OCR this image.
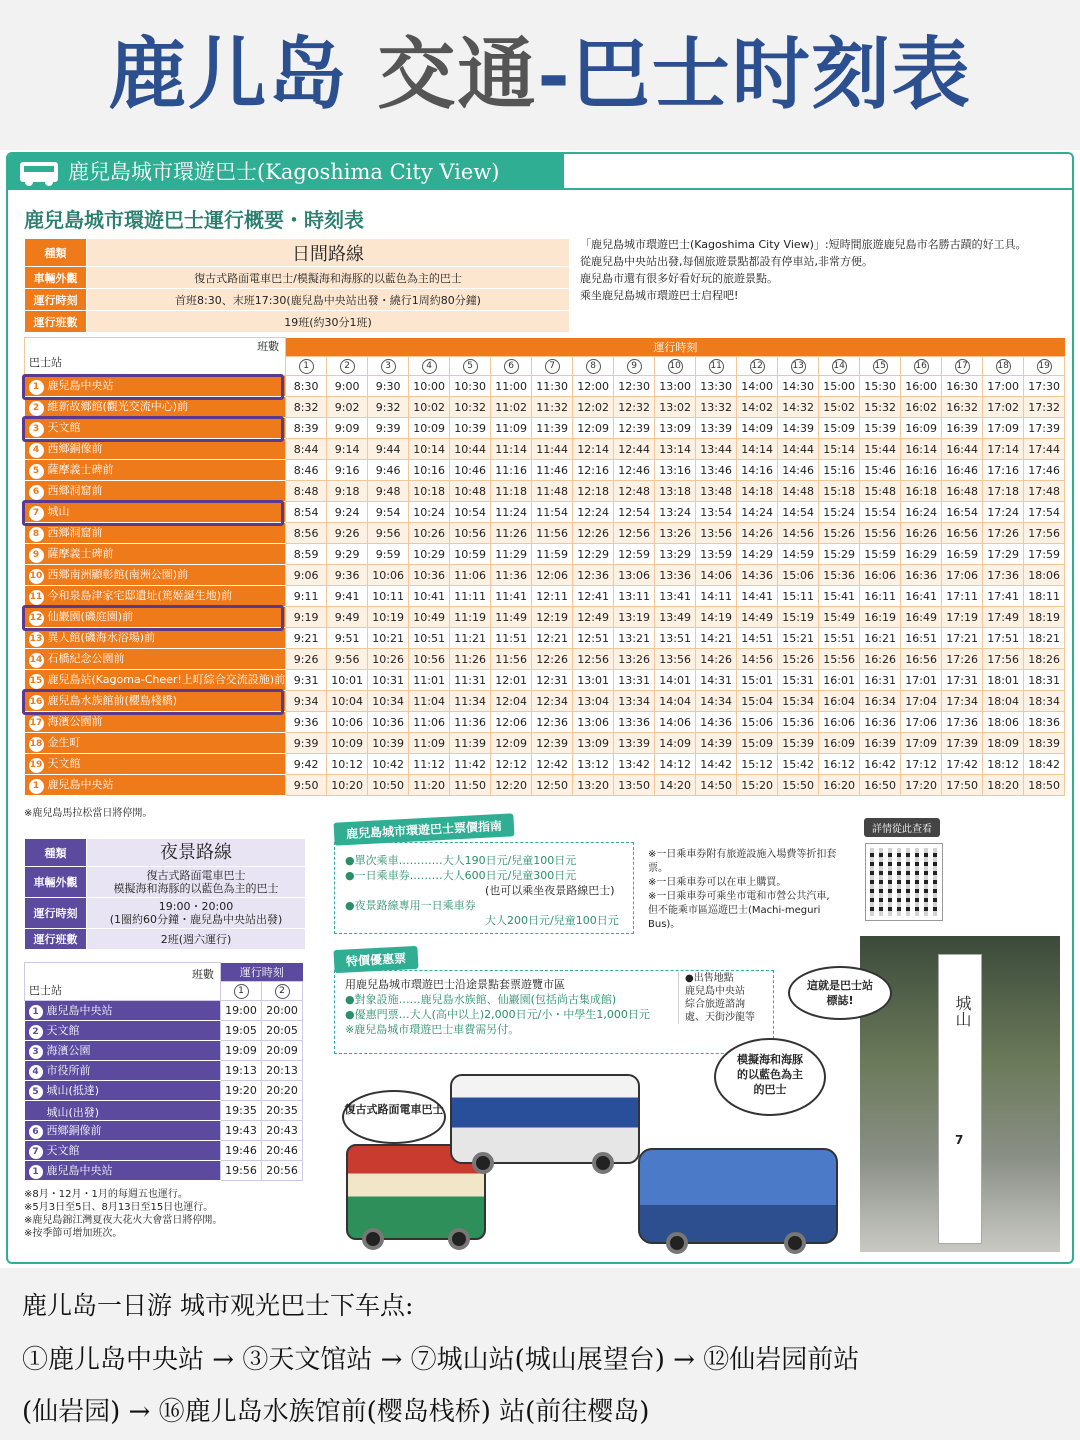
鹿儿岛 交通-巴士时刻表
鹿兒島城市環遊巴士(Kagoshima City View)
鹿兒島城市環遊巴士運行概要・時刻表
種類	日間路線
車輛外觀	復古式路面電車巴士/模擬海和海豚的以藍色為主的巴士
運行時刻	首班8:30、末班17:30(鹿兒島中央站出發・繞行1周約80分鐘)
運行班數	19班(約30分1班)
「鹿兒島城市環遊巴士(Kagoshima City View)」:短時間旅遊鹿兒島市名勝古蹟的好工具。
從鹿兒島中央站出發,每個旅遊景點都設有停車站,非常方便。
鹿兒島市還有很多好看好玩的旅遊景點。
乘坐鹿兒島城市環遊巴士启程吧!
班數
巴士站	運行時刻																		
	1	2	3	4	5	6	7	8	9	10	11	12	13	14	15	16	17	18	19
1 鹿兒島中央站	8:30	9:00	9:30	10:00	10:30	11:00	11:30	12:00	12:30	13:00	13:30	14:00	14:30	15:00	15:30	16:00	16:30	17:00	17:30
2 維新故鄉館(觀光交流中心)前	8:32	9:02	9:32	10:02	10:32	11:02	11:32	12:02	12:32	13:02	13:32	14:02	14:32	15:02	15:32	16:02	16:32	17:02	17:32
3 天文館	8:39	9:09	9:39	10:09	10:39	11:09	11:39	12:09	12:39	13:09	13:39	14:09	14:39	15:09	15:39	16:09	16:39	17:09	17:39
4 西鄉銅像前	8:44	9:14	9:44	10:14	10:44	11:14	11:44	12:14	12:44	13:14	13:44	14:14	14:44	15:14	15:44	16:14	16:44	17:14	17:44
5 薩摩義士碑前	8:46	9:16	9:46	10:16	10:46	11:16	11:46	12:16	12:46	13:16	13:46	14:16	14:46	15:16	15:46	16:16	16:46	17:16	17:46
6 西鄉洞窟前	8:48	9:18	9:48	10:18	10:48	11:18	11:48	12:18	12:48	13:18	13:48	14:18	14:48	15:18	15:48	16:18	16:48	17:18	17:48
7 城山	8:54	9:24	9:54	10:24	10:54	11:24	11:54	12:24	12:54	13:24	13:54	14:24	14:54	15:24	15:54	16:24	16:54	17:24	17:54
8 西鄉洞窟前	8:56	9:26	9:56	10:26	10:56	11:26	11:56	12:26	12:56	13:26	13:56	14:26	14:56	15:26	15:56	16:26	16:56	17:26	17:56
9 薩摩義士碑前	8:59	9:29	9:59	10:29	10:59	11:29	11:59	12:29	12:59	13:29	13:59	14:29	14:59	15:29	15:59	16:29	16:59	17:29	17:59
10 西鄉南洲顯彰館(南洲公園)前	9:06	9:36	10:06	10:36	11:06	11:36	12:06	12:36	13:06	13:36	14:06	14:36	15:06	15:36	16:06	16:36	17:06	17:36	18:06
11 今和泉島津家宅邸遺址(篤姬誕生地)前	9:11	9:41	10:11	10:41	11:11	11:41	12:11	12:41	13:11	13:41	14:11	14:41	15:11	15:41	16:11	16:41	17:11	17:41	18:11
12 仙巖園(磯庭園)前	9:19	9:49	10:19	10:49	11:19	11:49	12:19	12:49	13:19	13:49	14:19	14:49	15:19	15:49	16:19	16:49	17:19	17:49	18:19
13 異人館(磯海水浴場)前	9:21	9:51	10:21	10:51	11:21	11:51	12:21	12:51	13:21	13:51	14:21	14:51	15:21	15:51	16:21	16:51	17:21	17:51	18:21
14 石橋紀念公園前	9:26	9:56	10:26	10:56	11:26	11:56	12:26	12:56	13:26	13:56	14:26	14:56	15:26	15:56	16:26	16:56	17:26	17:56	18:26
15 鹿兒島站(Kagoma-Cheer!上町綜合交流設施)前	9:31	10:01	10:31	11:01	11:31	12:01	12:31	13:01	13:31	14:01	14:31	15:01	15:31	16:01	16:31	17:01	17:31	18:01	18:31
16 鹿兒島水族館前(櫻島棧橋)	9:34	10:04	10:34	11:04	11:34	12:04	12:34	13:04	13:34	14:04	14:34	15:04	15:34	16:04	16:34	17:04	17:34	18:04	18:34
17 海濱公園前	9:36	10:06	10:36	11:06	11:36	12:06	12:36	13:06	13:36	14:06	14:36	15:06	15:36	16:06	16:36	17:06	17:36	18:06	18:36
18 金生町	9:39	10:09	10:39	11:09	11:39	12:09	12:39	13:09	13:39	14:09	14:39	15:09	15:39	16:09	16:39	17:09	17:39	18:09	18:39
19 天文館	9:42	10:12	10:42	11:12	11:42	12:12	12:42	13:12	13:42	14:12	14:42	15:12	15:42	16:12	16:42	17:12	17:42	18:12	18:42
1 鹿兒島中央站	9:50	10:20	10:50	11:20	11:50	12:20	12:50	13:20	13:50	14:20	14:50	15:20	15:50	16:20	16:50	17:20	17:50	18:20	18:50
※鹿兒島馬拉松當日將停開。
種類	夜景路線
車輛外觀	復古式路面電車巴士
模擬海和海豚的以藍色為主的巴士

運行時刻	19:00・20:00
(1圈約60分鐘・鹿兒島中央站出發)

運行班數	2班(週六運行)
班數
巴士站	運行時刻	
	1	2
1 鹿兒島中央站	19:00	20:00
2 天文館	19:05	20:05
3 海濱公園	19:09	20:09
4 市役所前	19:13	20:13
5 城山(抵達)	19:20	20:20
城山(出發)	19:35	20:35
6 西鄉銅像前	19:43	20:43
7 天文館	19:46	20:46
1 鹿兒島中央站	19:56	20:56
※8月・12月・1月的每週五也運行。
※5月3日至5日、8月13日至15日也運行。
※鹿兒島錦江灣夏夜大花火大會當日將停開。
※按季節可增加班次。
鹿兒島城市環遊巴士票價指南
●單次乘車…………大人190日元/兒童100日元
●一日乘車券………大人600日元/兒童300日元
(也可以乘坐夜景路線巴士)
●夜景路線專用一日乘車券
大人200日元/兒童100日元
※一日乘車券附有旅遊設施入場費等折扣套票。
※一日乘車券可以在車上購買。
※一日乘車券可乘坐市電和市營公共汽車,但不能乘市區巡遊巴士(Machi-meguri Bus)。
詳情從此查看
特價優惠票
用鹿兒島城市環遊巴士沿途景點套票遊覽市區
●對象設施……鹿兒島水族館、仙巖園(包括尚古集成館)
●優惠門票…大人(高中以上)2,000日元/小・中學生1,000日元
※鹿兒島城市環遊巴士車費需另付。
●出售地點
鹿兒島中央站
綜合旅遊諮詢
處、天街沙龍等	城山
7
復古式路面電車巴士
模擬海和海豚的以藍色為主的巴士
這就是巴士站標誌!
鹿儿岛一日游 城市观光巴士下车点:
①鹿儿岛中央站 → ③天文馆站 → ⑦城山站(城山展望台) → ⑫仙岩园前站
(仙岩园) → ⑯鹿儿岛水族馆前(樱岛栈桥) 站(前往樱岛)
